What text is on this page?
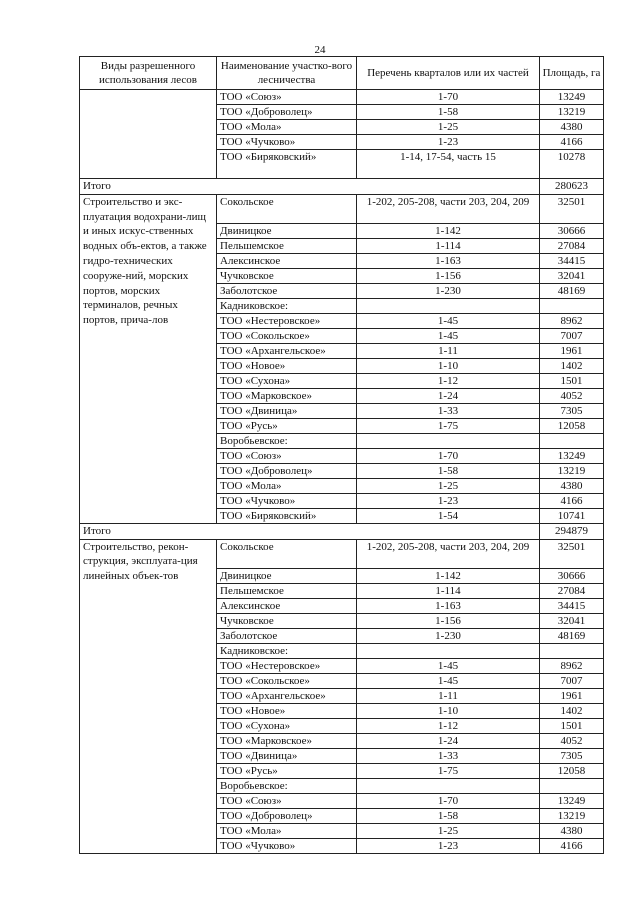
24
Виды разрешенного использования лесов	Наименование участко-вого лесничества	Перечень кварталов или их частей	Площадь, га
	ТОО «Союз»	1-70	13249
	ТОО «Доброволец»	1-58	13219
	ТОО «Мола»	1-25	4380
	ТОО «Чучково»	1-23	4166
	ТОО «Биряковский»	1-14, 17-54, часть 15	10278
Итого			280623
Строительство и экс-плуатация водохрани-лищ и иных искус-ственных водных объ-ектов, а также гидро-технических сооруже-ний, морских портов, морских терминалов, речных портов, прича-лов	Сокольское	1-202, 205-208, части 203, 204, 209	32501
	Двиницкое	1-142	30666
	Пельшемское	1-114	27084
	Алексинское	1-163	34415
	Чучковское	1-156	32041
	Заболотское	1-230	48169
	Кадниковское:		
	ТОО «Нестеровское»	1-45	8962
	ТОО «Сокольское»	1-45	7007
	ТОО «Архангельское»	1-11	1961
	ТОО «Новое»	1-10	1402
	ТОО «Сухона»	1-12	1501
	ТОО «Марковское»	1-24	4052
	ТОО «Двиница»	1-33	7305
	ТОО «Русь»	1-75	12058
	Воробьевское:		
	ТОО «Союз»	1-70	13249
	ТОО «Доброволец»	1-58	13219
	ТОО «Мола»	1-25	4380
	ТОО «Чучково»	1-23	4166
	ТОО «Биряковский»	1-54	10741
Итого			294879
Строительство, рекон-струкция, эксплуата-ция линейных объек-тов	Сокольское	1-202, 205-208, части 203, 204, 209	32501
	Двиницкое	1-142	30666
	Пельшемское	1-114	27084
	Алексинское	1-163	34415
	Чучковское	1-156	32041
	Заболотское	1-230	48169
	Кадниковское:		
	ТОО «Нестеровское»	1-45	8962
	ТОО «Сокольское»	1-45	7007
	ТОО «Архангельское»	1-11	1961
	ТОО «Новое»	1-10	1402
	ТОО «Сухона»	1-12	1501
	ТОО «Марковское»	1-24	4052
	ТОО «Двиница»	1-33	7305
	ТОО «Русь»	1-75	12058
	Воробьевское:		
	ТОО «Союз»	1-70	13249
	ТОО «Доброволец»	1-58	13219
	ТОО «Мола»	1-25	4380
	ТОО «Чучково»	1-23	4166
